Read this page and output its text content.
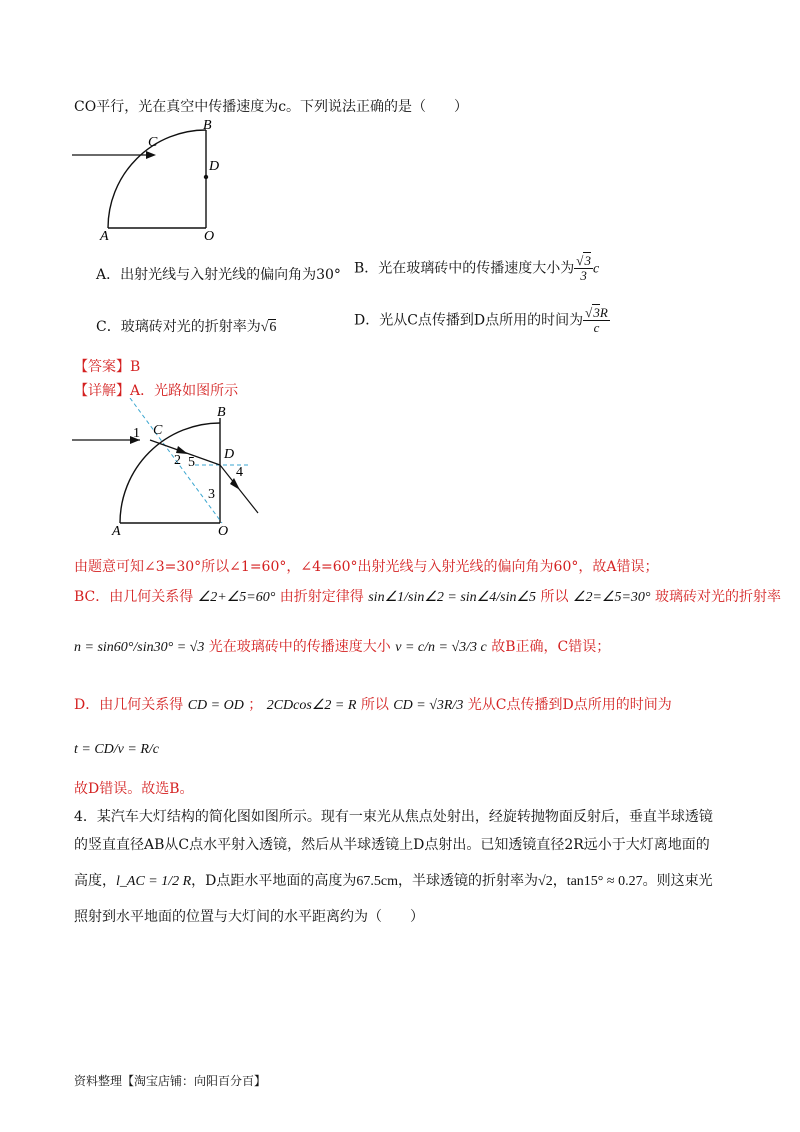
CO平行，光在真空中传播速度为c。下列说法正确的是（　　）
B
C
D
A	O
A．出射光线与入射光线的偏向角为30° B．光在玻璃砖中的传播速度大小为 $\frac{√3}{3}$ c
C．玻璃砖对光的折射率为√6	D．光从C点传播到D点所用的时间为 $\frac{√3R}{c}$
【答案】B
【详解】A．光路如图所示
B
C
D
1
2 5
4
3
A	O
由题意可知∠3=30°所以∠1=60°，∠4=60°出射光线与入射光线的偏向角为60°，故A错误；
BC．由几何关系得 ∠2+∠5=60° 由折射定律得 sin∠1/sin∠2 = sin∠4/sin∠5 所以 ∠2=∠5=30° 玻璃砖对光的折射率
n = sin60°/sin30° = √3 光在玻璃砖中的传播速度大小 v = c/n = √3/3 c 故B正确，C错误；
D．由几何关系得 CD = OD ； 2CDcos∠2 = R 所以 CD = √3R/3 光从C点传播到D点所用的时间为
t = CD/v = R/c
故D错误。故选B。
4．某汽车大灯结构的简化图如图所示。现有一束光从焦点处射出，经旋转抛物面反射后，垂直半球透镜
的竖直直径AB从C点水平射入透镜，然后从半球透镜上D点射出。已知透镜直径2R远小于大灯离地面的
高度，l_AC = 1/2 R，D点距水平地面的高度为67.5cm，半球透镜的折射率为√2，tan15° ≈ 0.27。则这束光
照射到水平地面的位置与大灯间的水平距离约为（　　）
资料整理【淘宝店铺：向阳百分百】
